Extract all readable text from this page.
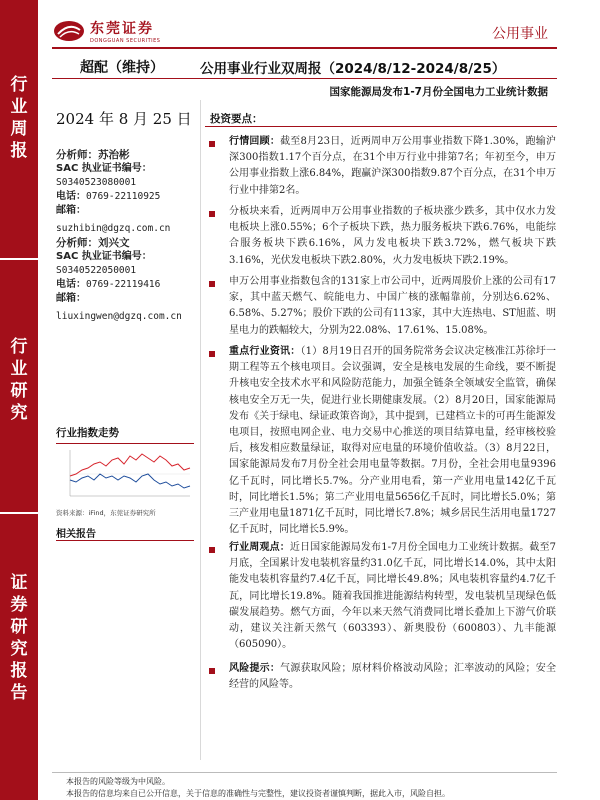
行
业
周
报
行
业
研
究
证
券
研
究
报
告
东莞证券
DONGGUAN SECURITIES	公用事业
超配（维持）	公用事业行业双周报（2024/8/12-2024/8/25）
国家能源局发布1-7月份全国电力工业统计数据
2024 年 8 月 25 日
分析师：苏治彬
SAC 执业证书编号：
S0340523080001
电话：0769-22110925
邮箱：
suzhibin@dgzq.com.cn
分析师：刘兴文
SAC 执业证书编号：
S0340522050001
电话：0769-22119416
邮箱：
liuxingwen@dgzq.com.cn
行业指数走势
资料来源：iFind，东莞证券研究所
相关报告
投资要点：
行情回顾：截至8月23日，近两周申万公用事业指数下降1.30%，跑输沪深300指数1.17个百分点，在31个申万行业中排第7名；年初至今，申万公用事业指数上涨6.84%，跑赢沪深300指数9.87个百分点，在31个申万行业中排第2名。
分板块来看，近两周申万公用事业指数的子板块涨少跌多，其中仅水力发电板块上涨0.55%；6个子板块下跌，热力服务板块下跌6.76%，电能综合服务板块下跌6.16%，风力发电板块下跌3.72%，燃气板块下跌3.16%，光伏发电板块下跌2.80%，火力发电板块下跌2.19%。
申万公用事业指数包含的131家上市公司中，近两周股价上涨的公司有17家，其中蓝天燃气、皖能电力、中国广核的涨幅靠前，分别达6.62%、6.58%、5.27%；股价下跌的公司有113家，其中大连热电、ST旭蓝、明星电力的跌幅较大，分别为22.08%、17.61%、15.08%。
重点行业资讯：（1）8月19日召开的国务院常务会议决定核准江苏徐圩一期工程等五个核电项目。会议强调，安全是核电发展的生命线，要不断提升核电安全技术水平和风险防范能力，加强全链条全领域安全监管，确保核电安全万无一失，促进行业长期健康发展。（2）8月20日，国家能源局发布《关于绿电、绿证政策咨询》，其中提到，已建档立卡的可再生能源发电项目，按照电网企业、电力交易中心推送的项目结算电量，经审核校验后，核发相应数量绿证，取得对应电量的环境价值收益。（3）8月22日，国家能源局发布7月份全社会用电量等数据。7月份，全社会用电量9396亿千瓦时，同比增长5.7%。分产业用电看，第一产业用电量142亿千瓦时，同比增长1.5%；第二产业用电量5656亿千瓦时，同比增长5.0%；第三产业用电量1871亿千瓦时，同比增长7.8%；城乡居民生活用电量1727亿千瓦时，同比增长5.9%。
行业周观点：近日国家能源局发布1-7月份全国电力工业统计数据。截至7月底，全国累计发电装机容量约31.0亿千瓦，同比增长14.0%，其中太阳能发电装机容量约7.4亿千瓦，同比增长49.8%；风电装机容量约4.7亿千瓦，同比增长19.8%。随着我国推进能源结构转型，发电装机呈现绿色低碳发展趋势。燃气方面，今年以来天然气消费同比增长叠加上下游气价联动，建议关注新天然气（603393）、新奥股份（600803）、九丰能源（605090）。
风险提示：气源获取风险；原材料价格波动风险；汇率波动的风险；安全经营的风险等。
本报告的风险等级为中风险。
本报告的信息均来自已公开信息，关于信息的准确性与完整性，建议投资者谨慎判断，据此入市，风险自担。
